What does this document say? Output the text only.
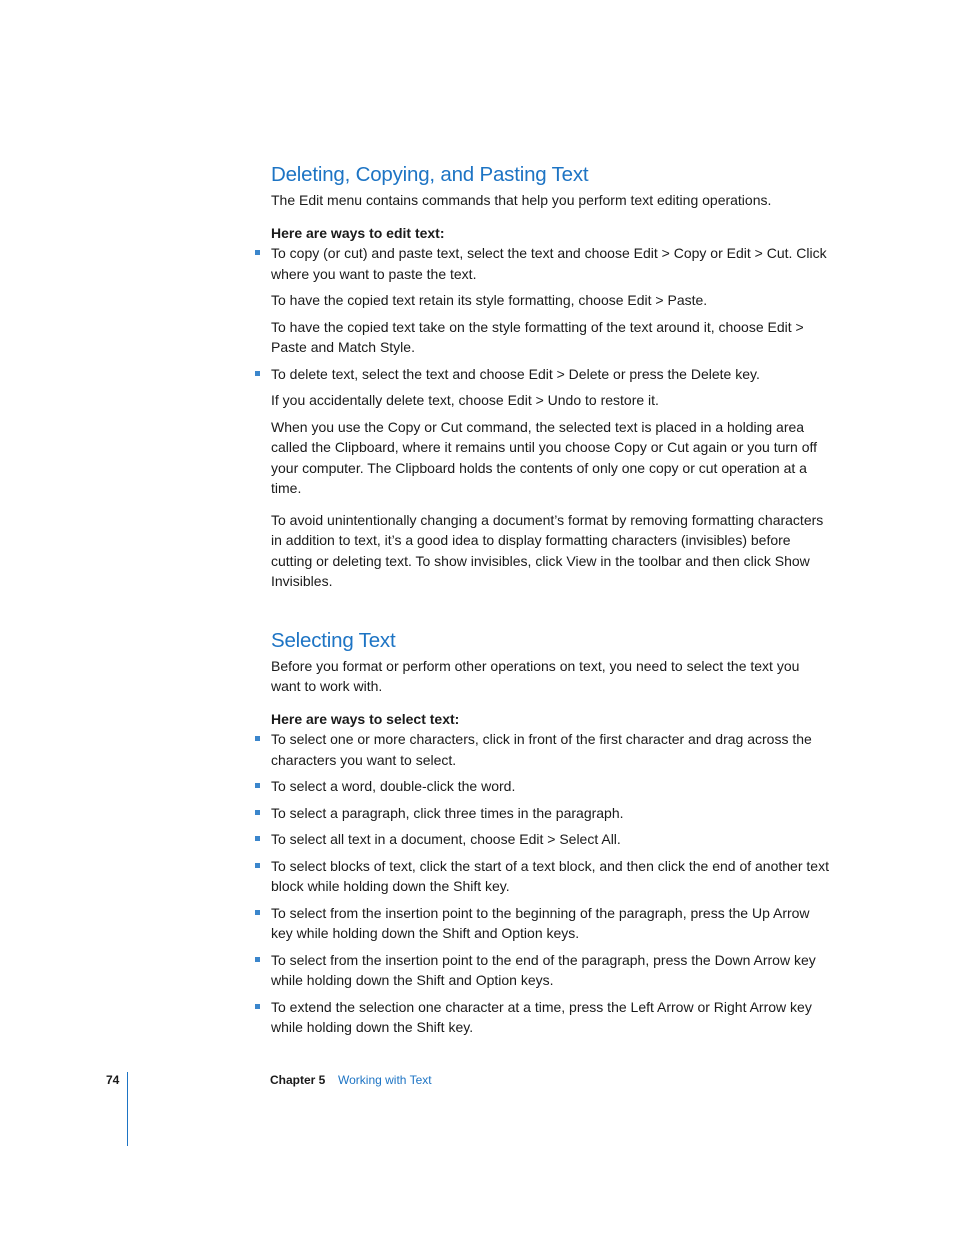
Deleting, Copying, and Pasting Text

The Edit menu contains commands that help you perform text editing operations.

Here are ways to edit text:

To copy (or cut) and paste text, select the text and choose Edit > Copy or Edit > Cut. Click where you want to paste the text.

To have the copied text retain its style formatting, choose Edit > Paste.

To have the copied text take on the style formatting of the text around it, choose Edit > Paste and Match Style.

To delete text, select the text and choose Edit > Delete or press the Delete key.

If you accidentally delete text, choose Edit > Undo to restore it.

When you use the Copy or Cut command, the selected text is placed in a holding area called the Clipboard, where it remains until you choose Copy or Cut again or you turn off your computer. The Clipboard holds the contents of only one copy or cut operation at a time.

To avoid unintentionally changing a document’s format by removing formatting characters in addition to text, it’s a good idea to display formatting characters (invisibles) before cutting or deleting text. To show invisibles, click View in the toolbar and then click Show Invisibles.

Selecting Text

Before you format or perform other operations on text, you need to select the text you want to work with.

Here are ways to select text:

To select one or more characters, click in front of the first character and drag across the characters you want to select.
To select a word, double-click the word.
To select a paragraph, click three times in the paragraph.
To select all text in a document, choose Edit > Select All.
To select blocks of text, click the start of a text block, and then click the end of another text block while holding down the Shift key.
To select from the insertion point to the beginning of the paragraph, press the Up Arrow key while holding down the Shift and Option keys.
To select from the insertion point to the end of the paragraph, press the Down Arrow key while holding down the Shift and Option keys.
To extend the selection one character at a time, press the Left Arrow or Right Arrow key while holding down the Shift key.
74	Chapter 5 Working with Text
